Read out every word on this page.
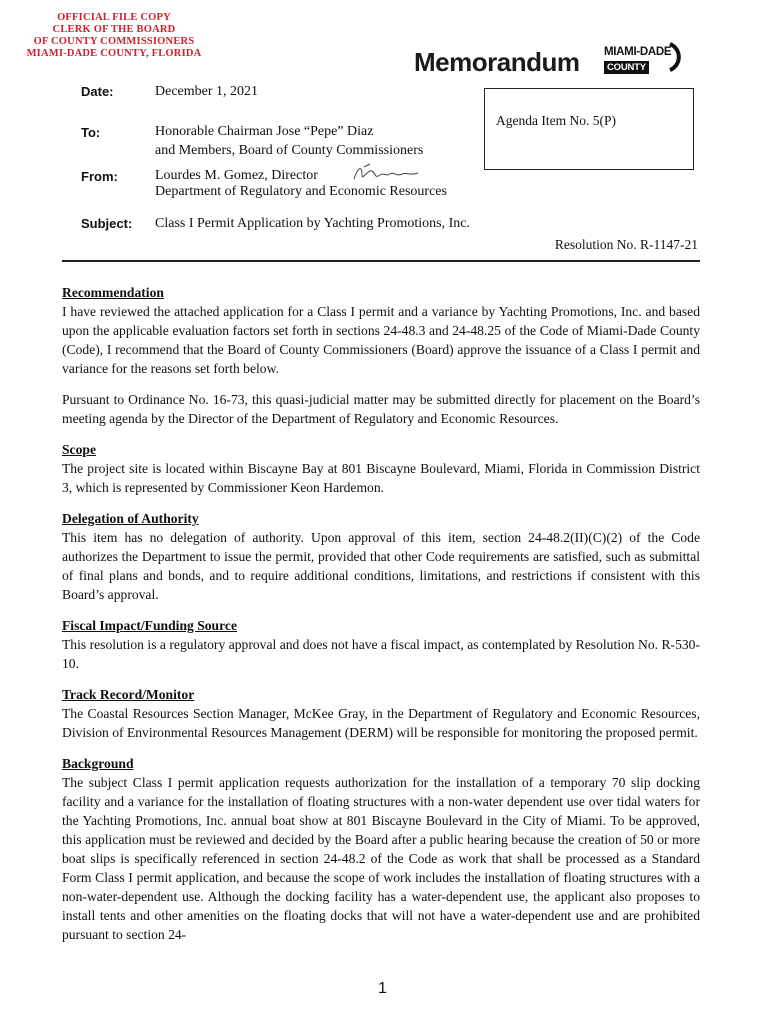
OFFICIAL FILE COPY
CLERK OF THE BOARD
OF COUNTY COMMISSIONERS
MIAMI-DADE COUNTY, FLORIDA	Memorandum MIAMI-DADE
COUNTY
Date:	December 1, 2021
To:	Honorable Chairman Jose “Pepe” Diaz
and Members, Board of County Commissioners
From:	Lourdes M. Gomez, Director
Department of Regulatory and Economic Resources
Subject: Class I Permit Application by Yachting Promotions, Inc.
Agenda Item No. 5(P)
Resolution No. R-1147-21
Recommendation
I have reviewed the attached application for a Class I permit and a variance by Yachting Promotions, Inc. and based upon the applicable evaluation factors set forth in sections 24-48.3 and 24-48.25 of the Code of Miami-Dade County (Code), I recommend that the Board of County Commissioners (Board) approve the issuance of a Class I permit and variance for the reasons set forth below.
Pursuant to Ordinance No. 16-73, this quasi-judicial matter may be submitted directly for placement on the Board’s meeting agenda by the Director of the Department of Regulatory and Economic Resources.
Scope
The project site is located within Biscayne Bay at 801 Biscayne Boulevard, Miami, Florida in Commission District 3, which is represented by Commissioner Keon Hardemon.
Delegation of Authority
This item has no delegation of authority. Upon approval of this item, section 24-48.2(II)(C)(2) of the Code authorizes the Department to issue the permit, provided that other Code requirements are satisfied, such as submittal of final plans and bonds, and to require additional conditions, limitations, and restrictions if consistent with this Board’s approval.
Fiscal Impact/Funding Source
This resolution is a regulatory approval and does not have a fiscal impact, as contemplated by Resolution No. R-530-10.
Track Record/Monitor
The Coastal Resources Section Manager, McKee Gray, in the Department of Regulatory and Economic Resources, Division of Environmental Resources Management (DERM) will be responsible for monitoring the proposed permit.
Background
The subject Class I permit application requests authorization for the installation of a temporary 70 slip docking facility and a variance for the installation of floating structures with a non-water dependent use over tidal waters for the Yachting Promotions, Inc. annual boat show at 801 Biscayne Boulevard in the City of Miami. To be approved, this application must be reviewed and decided by the Board after a public hearing because the creation of 50 or more boat slips is specifically referenced in section 24-48.2 of the Code as work that shall be processed as a Standard Form Class I permit application, and because the scope of work includes the installation of floating structures with a non-water-dependent use. Although the docking facility has a water-dependent use, the applicant also proposes to install tents and other amenities on the floating docks that will not have a water-dependent use and are prohibited pursuant to section 24-
1
